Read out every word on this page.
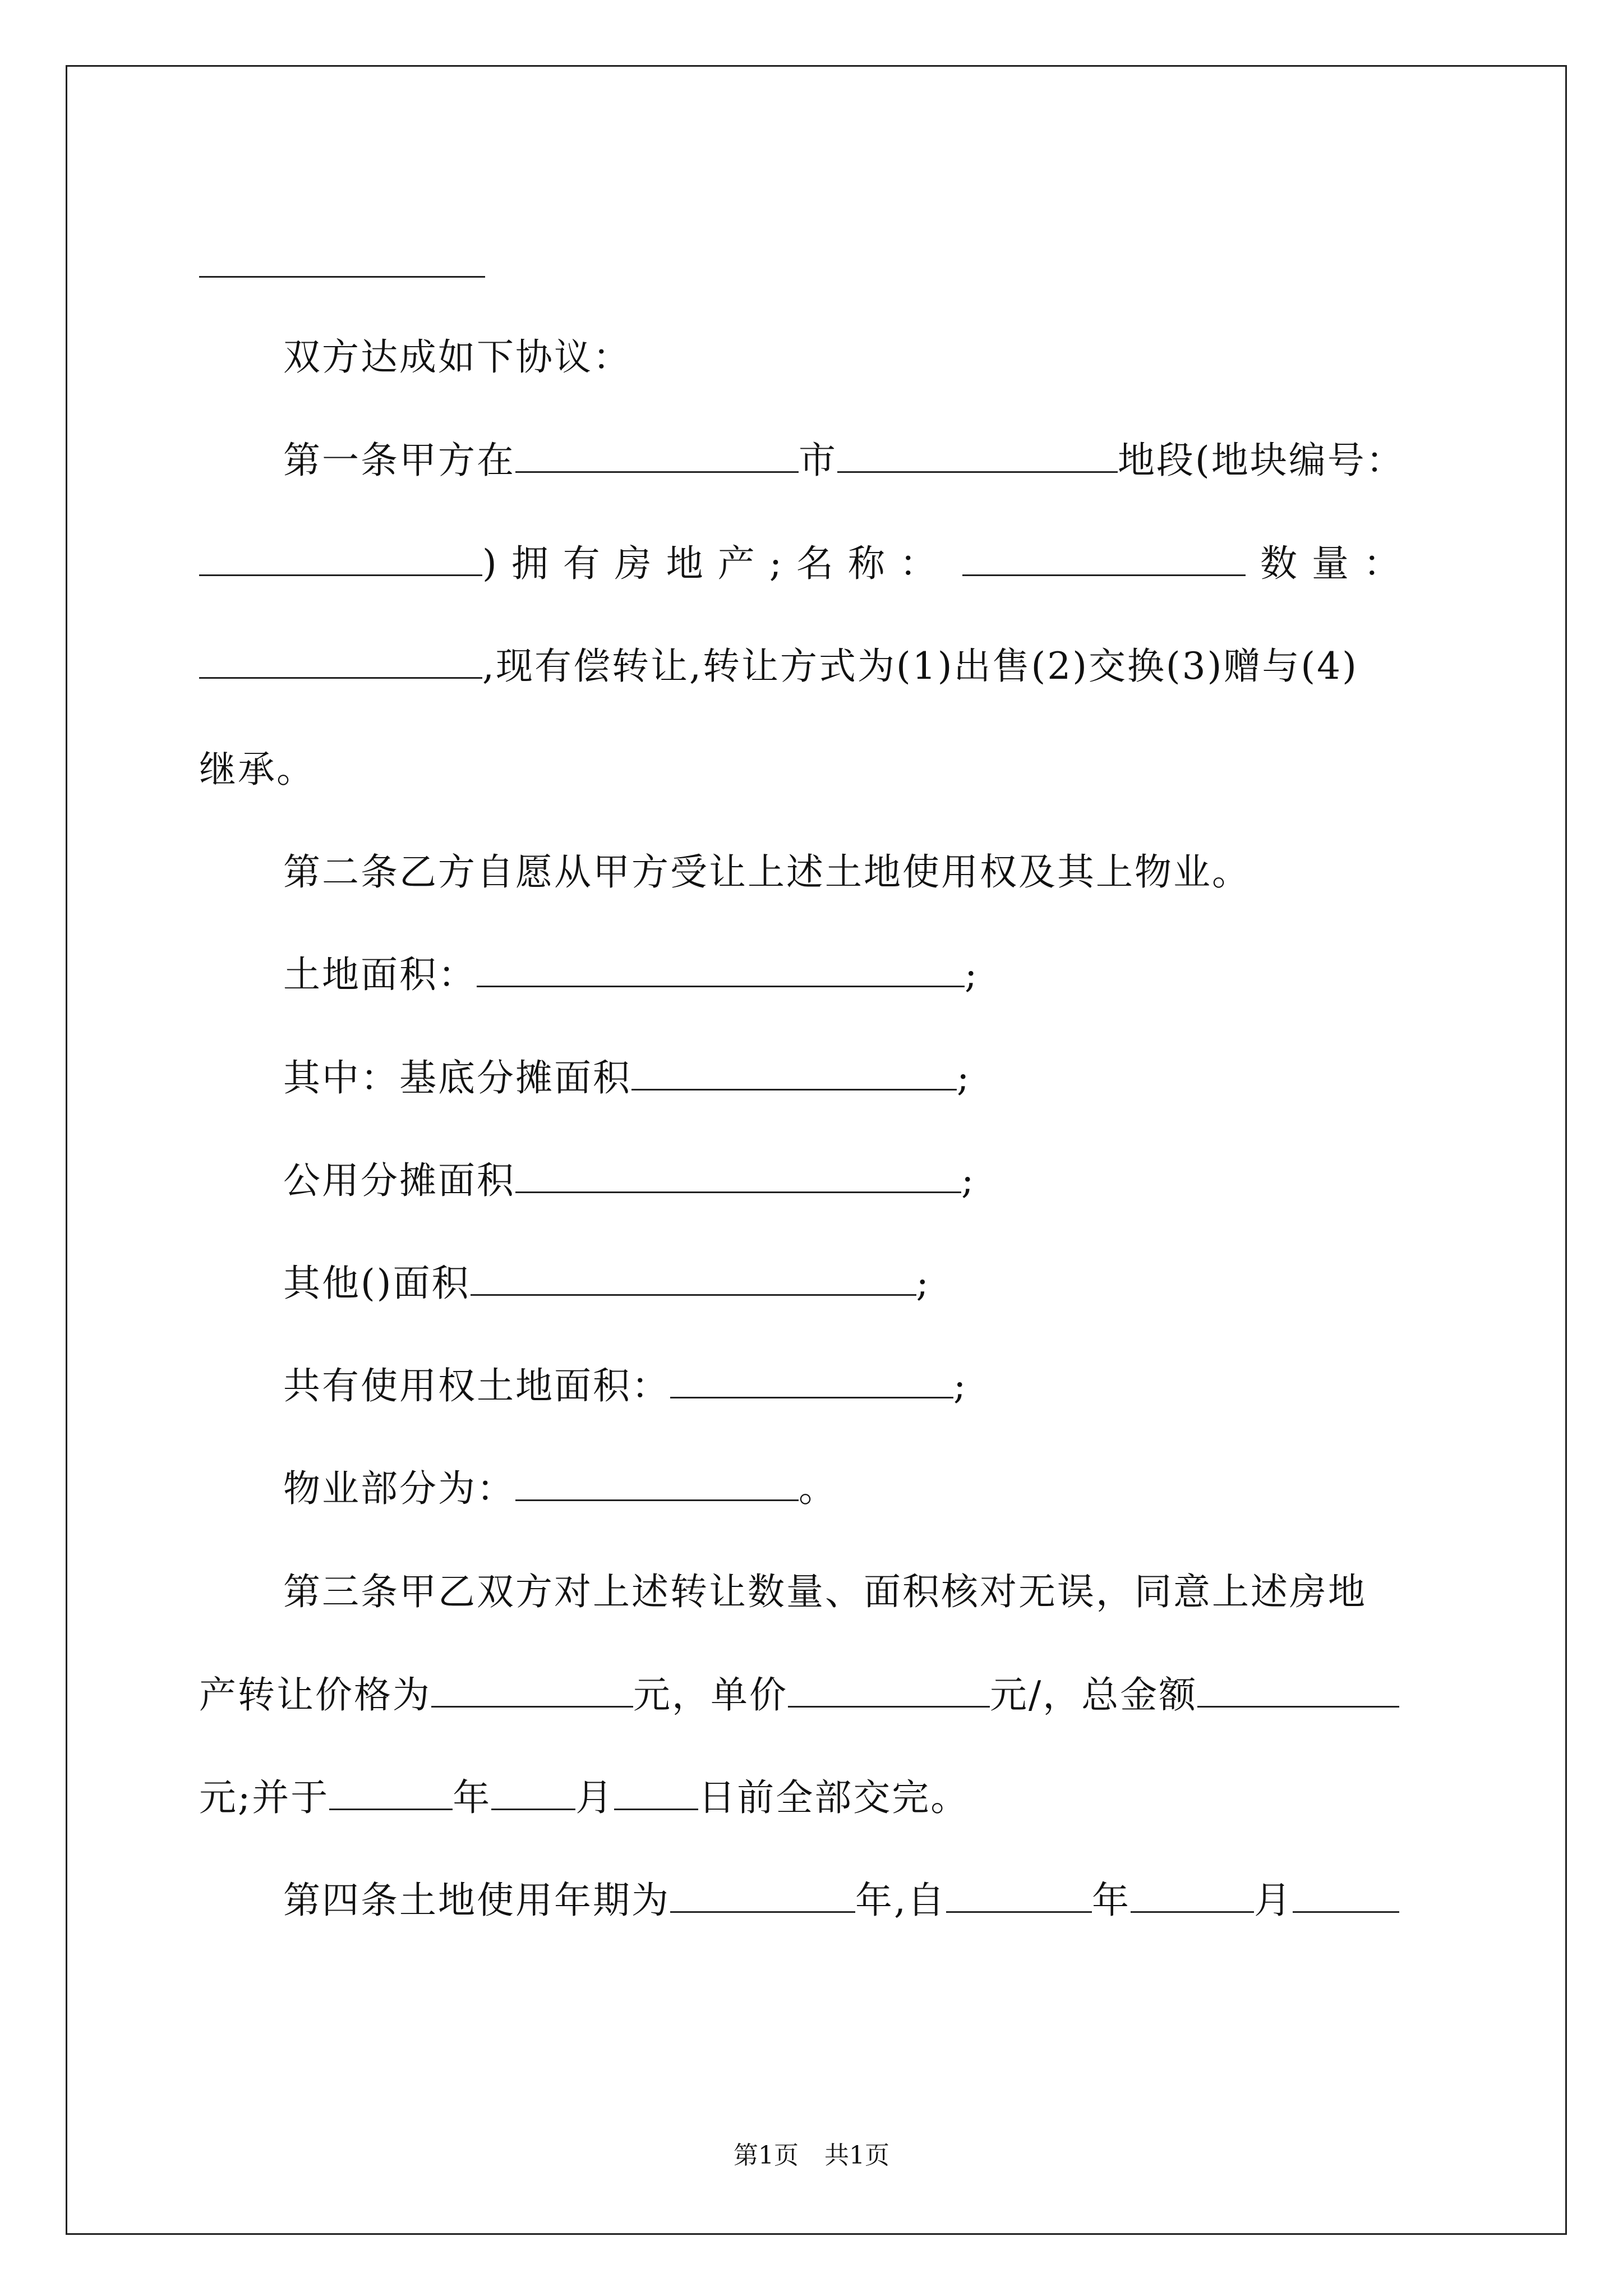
双方达成如下协议：
第一条甲方在	市	地段(地块编号：
)拥有房地产;名称：	数量：
,现有偿转让,转让方式为(1)出售(2)交换(3)赠与(4)
继承。
第二条乙方自愿从甲方受让上述土地使用权及其上物业。
土地面积：	;
其中：基底分摊面积	;
公用分摊面积	;
其他()面积	;
共有使用权土地面积：	;
物业部分为：	。
第三条甲乙双方对上述转让数量、面积核对无误，同意上述房地
产转让价格为	元，单价	元/，总金额
元;并于	年 月 日前全部交完。
第四条土地使用年期为	年,自	年	月
第1页 共1页
